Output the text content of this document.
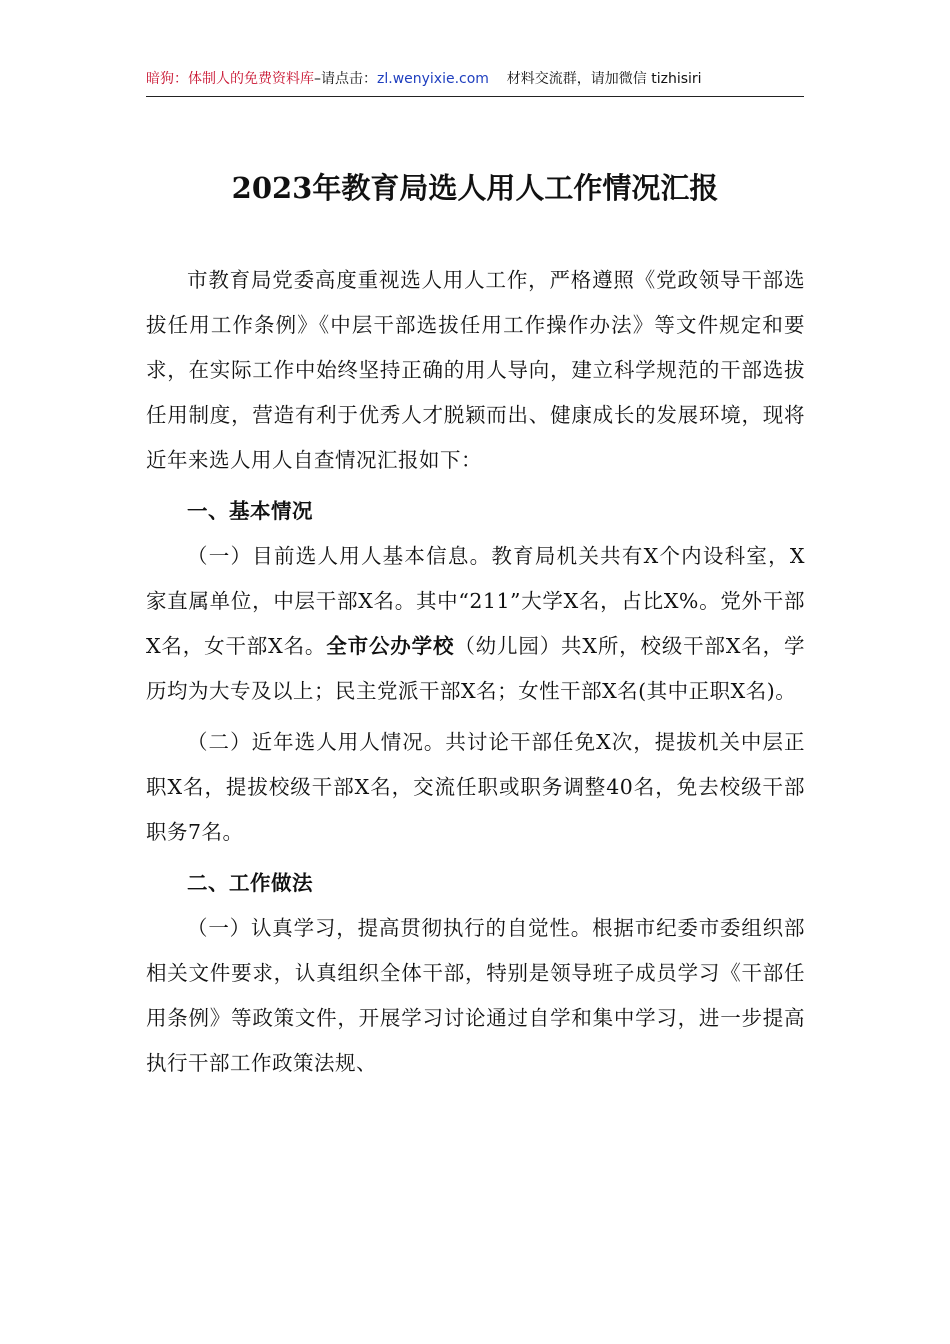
暗狗：体制人的免费资料库–请点击：zl.wenyixie.com 材料交流群，请加微信 tizhisiri
2023年教育局选人用人工作情况汇报

市教育局党委高度重视选人用人工作，严格遵照《党政领导干部选拔任用工作条例》《中层干部选拔任用工作操作办法》等文件规定和要求，在实际工作中始终坚持正确的用人导向，建立科学规范的干部选拔任用制度，营造有利于优秀人才脱颖而出、健康成长的发展环境，现将近年来选人用人自查情况汇报如下：

一、基本情况

（一）目前选人用人基本信息。教育局机关共有X个内设科室，X家直属单位，中层干部X名。其中“211”大学X名，占比X%。党外干部X名，女干部X名。全市公办学校（幼儿园）共X所，校级干部X名，学历均为大专及以上；民主党派干部X名；女性干部X名(其中正职X名)。

（二）近年选人用人情况。共讨论干部任免X次，提拔机关中层正职X名，提拔校级干部X名，交流任职或职务调整40名，免去校级干部职务7名。

二、工作做法

（一）认真学习，提高贯彻执行的自觉性。根据市纪委市委组织部相关文件要求，认真组织全体干部，特别是领导班子成员学习《干部任用条例》等政策文件，开展学习讨论通过自学和集中学习，进一步提高执行干部工作政策法规、
